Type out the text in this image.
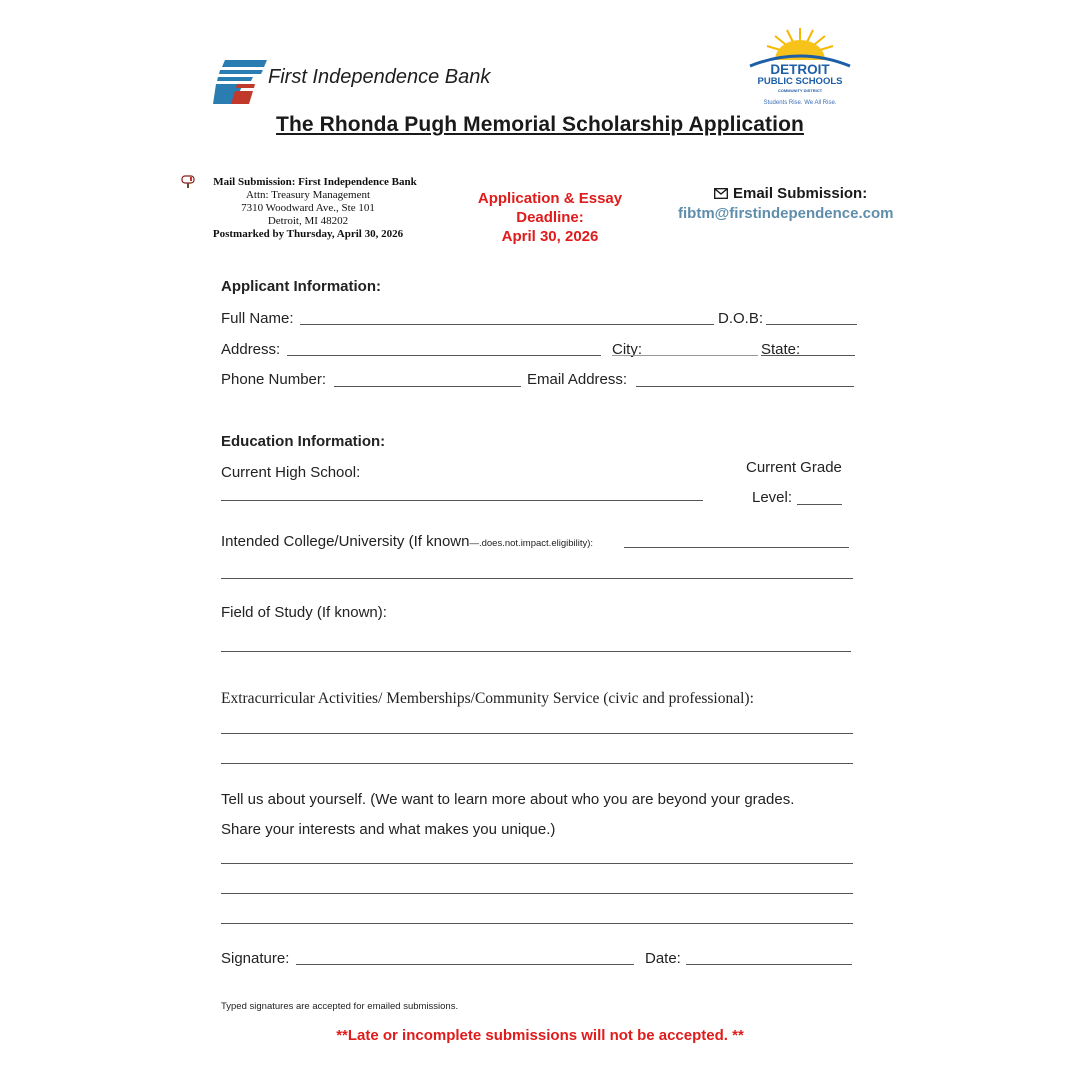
First Independence Bank	DETROIT
PUBLIC SCHOOLS
COMMUNITY DISTRICT
Students Rise. We All Rise.
The Rhonda Pugh Memorial Scholarship Application
Mail Submission: First Independence Bank
Attn: Treasury Management
7310 Woodward Ave., Ste 101
Detroit, MI 48202
Postmarked by Thursday, April 30, 2026
Application & Essay
Deadline:
April 30, 2026
Email Submission:
fibtm@firstindependence.com
Applicant Information:
Full Name:	D.O.B:
Address:	City:	State:
Phone Number:	Email Address:
Education Information:
Current High School:	Current Grade
Level:
Intended College/University (If known—.does.not.impact.eligibility):
Field of Study (If known):
Extracurricular Activities/ Memberships/Community Service (civic and professional):
Tell us about yourself. (We want to learn more about who you are beyond your grades.
Share your interests and what makes you unique.)
Signature:	Date:
Typed signatures are accepted for emailed submissions.
**Late or incomplete submissions will not be accepted. **
